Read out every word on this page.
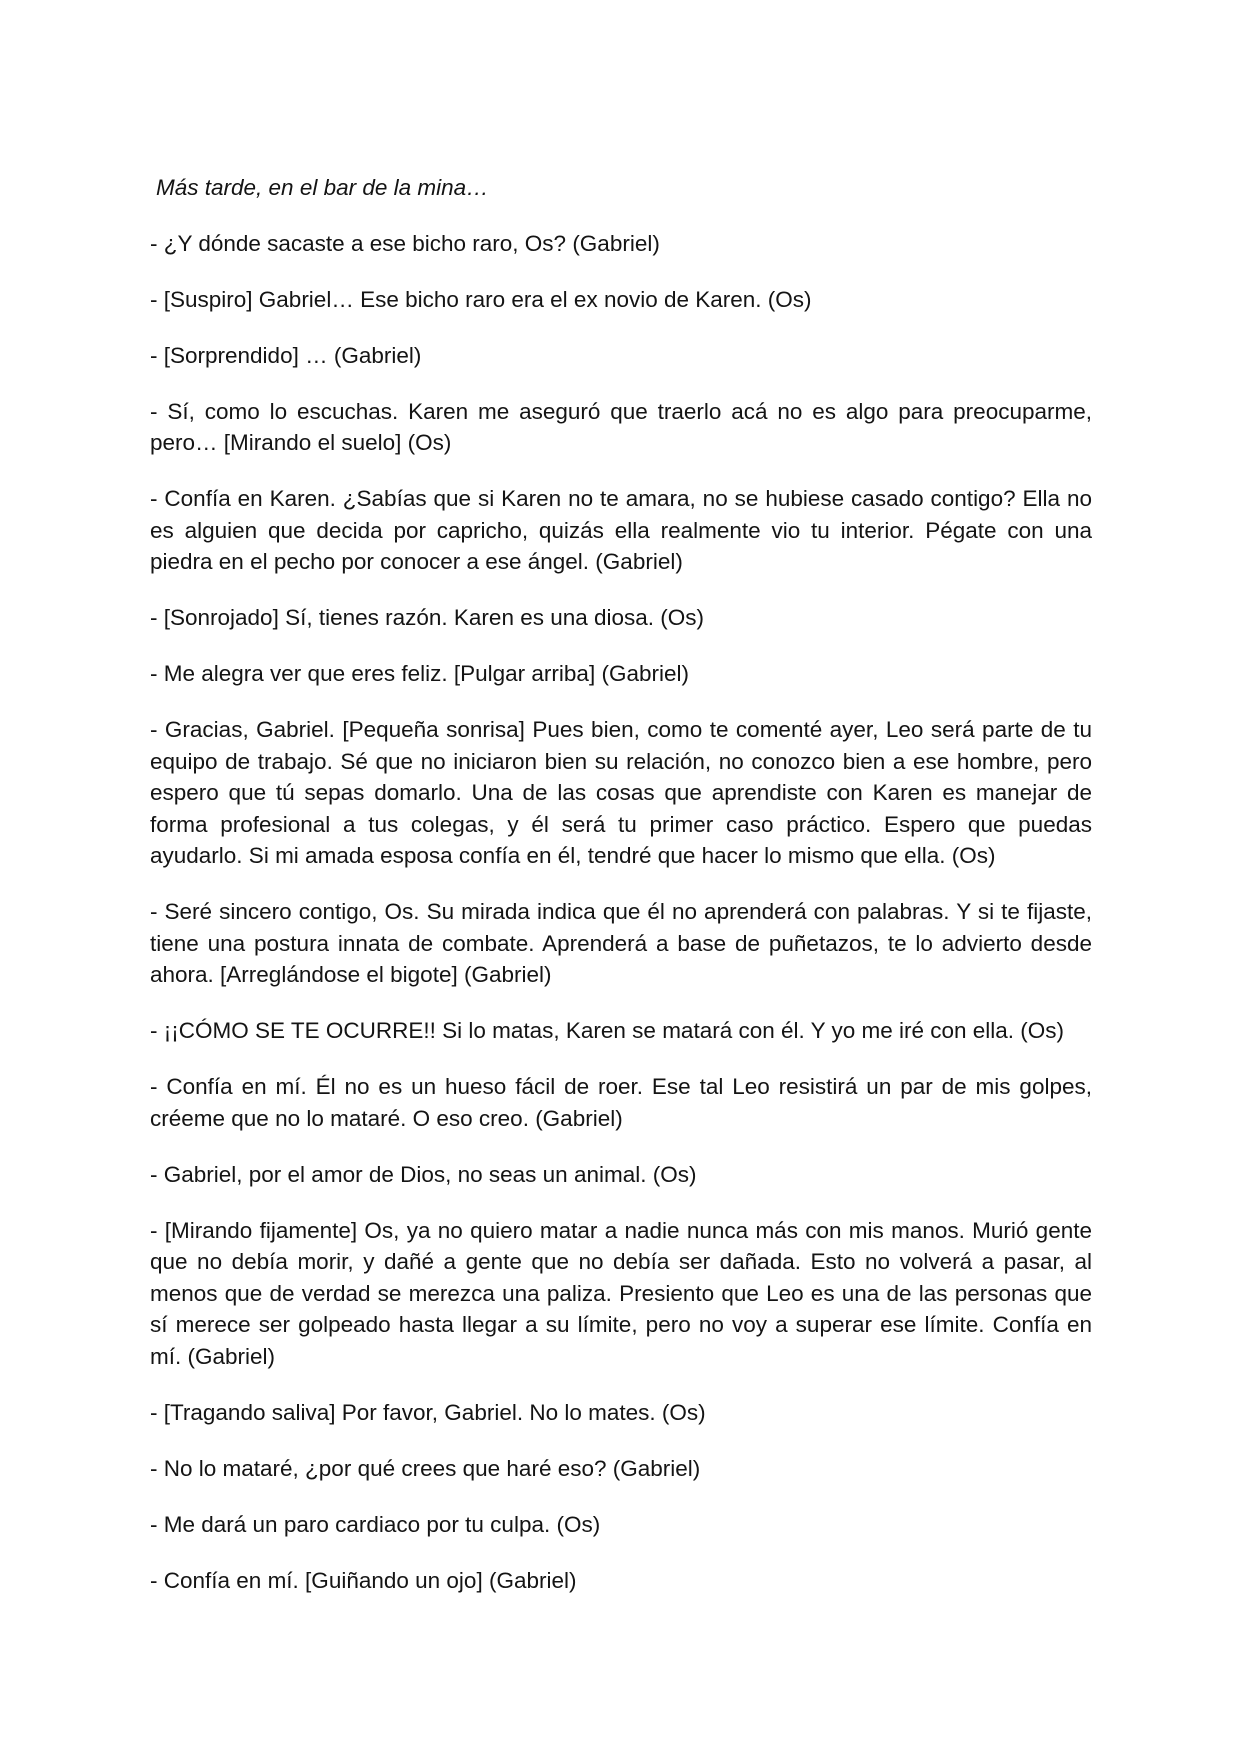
Más tarde, en el bar de la mina…

- ¿Y dónde sacaste a ese bicho raro, Os? (Gabriel)

- [Suspiro] Gabriel… Ese bicho raro era el ex novio de Karen. (Os)

- [Sorprendido] … (Gabriel)

- Sí, como lo escuchas. Karen me aseguró que traerlo acá no es algo para preocuparme, pero… [Mirando el suelo] (Os)

- Confía en Karen. ¿Sabías que si Karen no te amara, no se hubiese casado contigo? Ella no es alguien que decida por capricho, quizás ella realmente vio tu interior. Pégate con una piedra en el pecho por conocer a ese ángel. (Gabriel)

- [Sonrojado] Sí, tienes razón. Karen es una diosa. (Os)

- Me alegra ver que eres feliz. [Pulgar arriba] (Gabriel)

- Gracias, Gabriel. [Pequeña sonrisa] Pues bien, como te comenté ayer, Leo será parte de tu equipo de trabajo. Sé que no iniciaron bien su relación, no conozco bien a ese hombre, pero espero que tú sepas domarlo. Una de las cosas que aprendiste con Karen es manejar de forma profesional a tus colegas, y él será tu primer caso práctico. Espero que puedas ayudarlo. Si mi amada esposa confía en él, tendré que hacer lo mismo que ella. (Os)

- Seré sincero contigo, Os. Su mirada indica que él no aprenderá con palabras. Y si te fijaste, tiene una postura innata de combate. Aprenderá a base de puñetazos, te lo advierto desde ahora. [Arreglándose el bigote] (Gabriel)

- ¡¡CÓMO SE TE OCURRE!! Si lo matas, Karen se matará con él. Y yo me iré con ella. (Os)

- Confía en mí. Él no es un hueso fácil de roer. Ese tal Leo resistirá un par de mis golpes, créeme que no lo mataré. O eso creo. (Gabriel)

- Gabriel, por el amor de Dios, no seas un animal. (Os)

- [Mirando fijamente] Os, ya no quiero matar a nadie nunca más con mis manos. Murió gente que no debía morir, y dañé a gente que no debía ser dañada. Esto no volverá a pasar, al menos que de verdad se merezca una paliza. Presiento que Leo es una de las personas que sí merece ser golpeado hasta llegar a su límite, pero no voy a superar ese límite. Confía en mí. (Gabriel)

- [Tragando saliva] Por favor, Gabriel. No lo mates. (Os)

- No lo mataré, ¿por qué crees que haré eso? (Gabriel)

- Me dará un paro cardiaco por tu culpa. (Os)

- Confía en mí. [Guiñando un ojo] (Gabriel)
